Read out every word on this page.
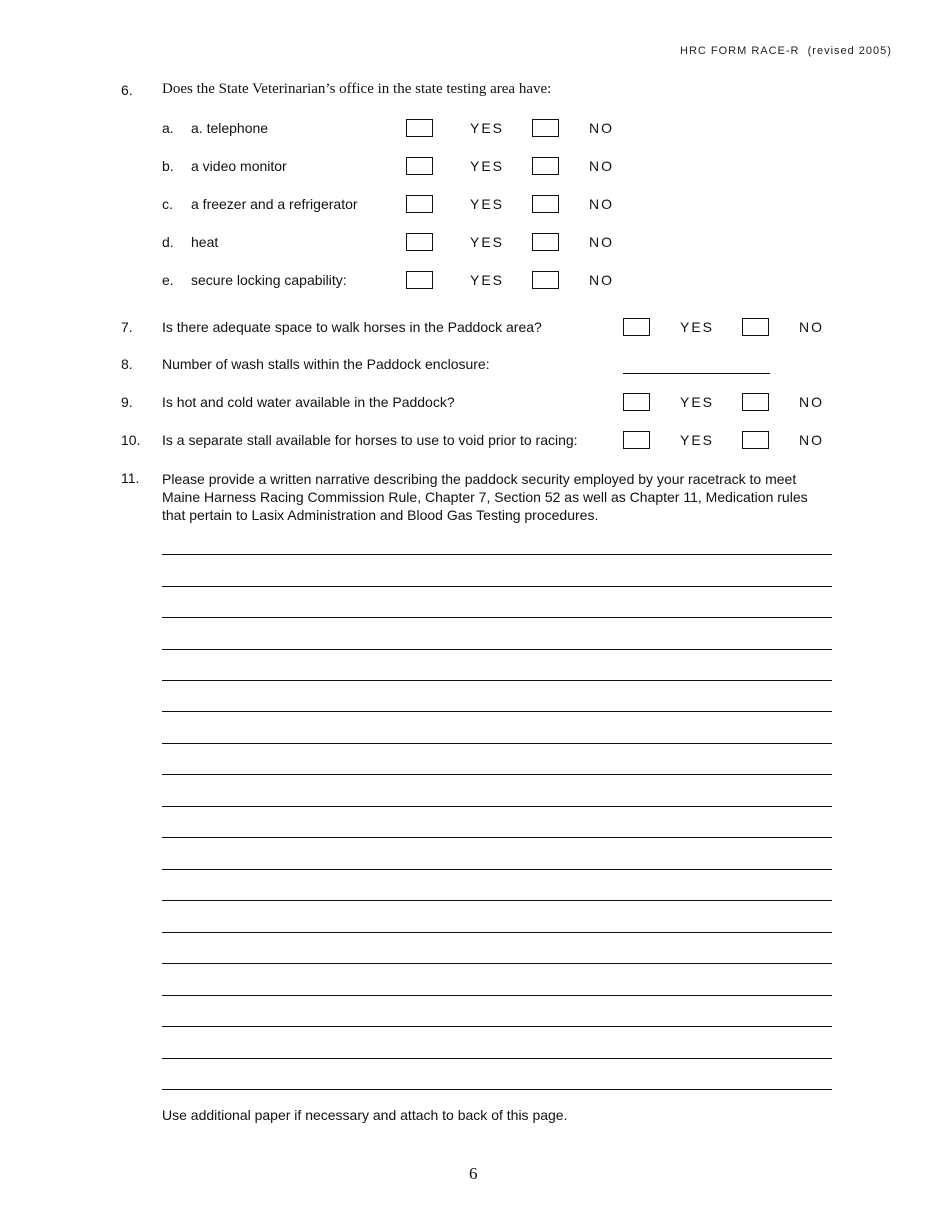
HRC FORM RACE-R (revised 2005)
6. Does the State Veterinarian’s office in the state testing area have:
a. a. telephone	YES	NO
b. a video monitor	YES	NO
c. a freezer and a refrigerator	YES	NO
d. heat	YES	NO
e. secure locking capability:	YES	NO
7. Is there adequate space to walk horses in the Paddock area?	YES	NO
8. Number of wash stalls within the Paddock enclosure:
9. Is hot and cold water available in the Paddock?	YES	NO
10. Is a separate stall available for horses to use to void prior to racing:	YES	NO
11. Please provide a written narrative describing the paddock security employed by your racetrack to meet Maine Harness Racing Commission Rule, Chapter 7, Section 52 as well as Chapter 11, Medication rules that pertain to Lasix Administration and Blood Gas Testing procedures.
Use additional paper if necessary and attach to back of this page.
6
